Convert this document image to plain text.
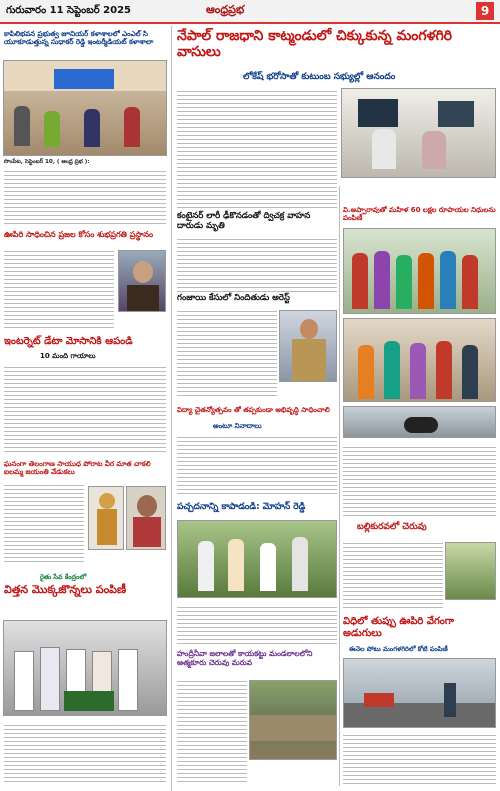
గురువారం 11 సెప్టెంబర్ 2025	ఆంధ్రప్రభ	9
కాపిలిభవన ప్రభుత్వ జూనియర్ కళాశాలలో ఎంఎల్ సి యూకూడుత్తున్న సుధాకర్ రెడ్డి ఇంటర్మీడియట్ కళాశాలా
సొంపేట, సెప్టెంబర్ 10, ( ఆంధ్ర ప్రభ ):
ఊపిరి సాధించిన ప్రజల కోసం శుభప్రగతి ప్రస్థానం
ఇంటర్నెట్ డేటా మోసానికి ఆపండి
10 మంది గాయాలు
ఘనంగా తెలంగాణ సాయుధ పోరాట వీర మాత చాకలి ఐలమ్మ జయంతి వేడుకలు
రైతు సేవ కేంద్రంలో
విత్తన మొక్కజొన్నలు పంపిణీ
నేపాల్ రాజధాని కాట్మండులో చిక్కుకున్న మంగళగిరి వాసులు
లోకేష్ భరోసాతో కుటుంబ సభ్యుల్లో ఆనందం
కంటైనర్ లారీ ఢీకొనడంతో ద్విచక్ర వాహన దారుడు మృతి
గంజాయి కేసులో నిందితుడు అరెస్ట్
విద్యా చైతన్యోత్సవం తో తప్పకుండా అభివృద్ధి సాధించాలి
అంటూ నినాదాలు
పచ్చదనాన్ని కాపాడండి: మోహన్ రెడ్డి
హంద్రీనీవా జలాలతో కాయకట్టు మండలాలలోని ఆత్మకూరు చెరువు మరువ
వి.అప్పారావుతో మహిళ 60 లక్షల రూపాయల నిధులను పంపిణీ
బల్లికురవలో చెరువు
విధిలో తుప్పు ఊపిరి వేగంగా అడుగులు
ఈనెల పోటు మంగళగిరిలో కోటి పంపిణీ
